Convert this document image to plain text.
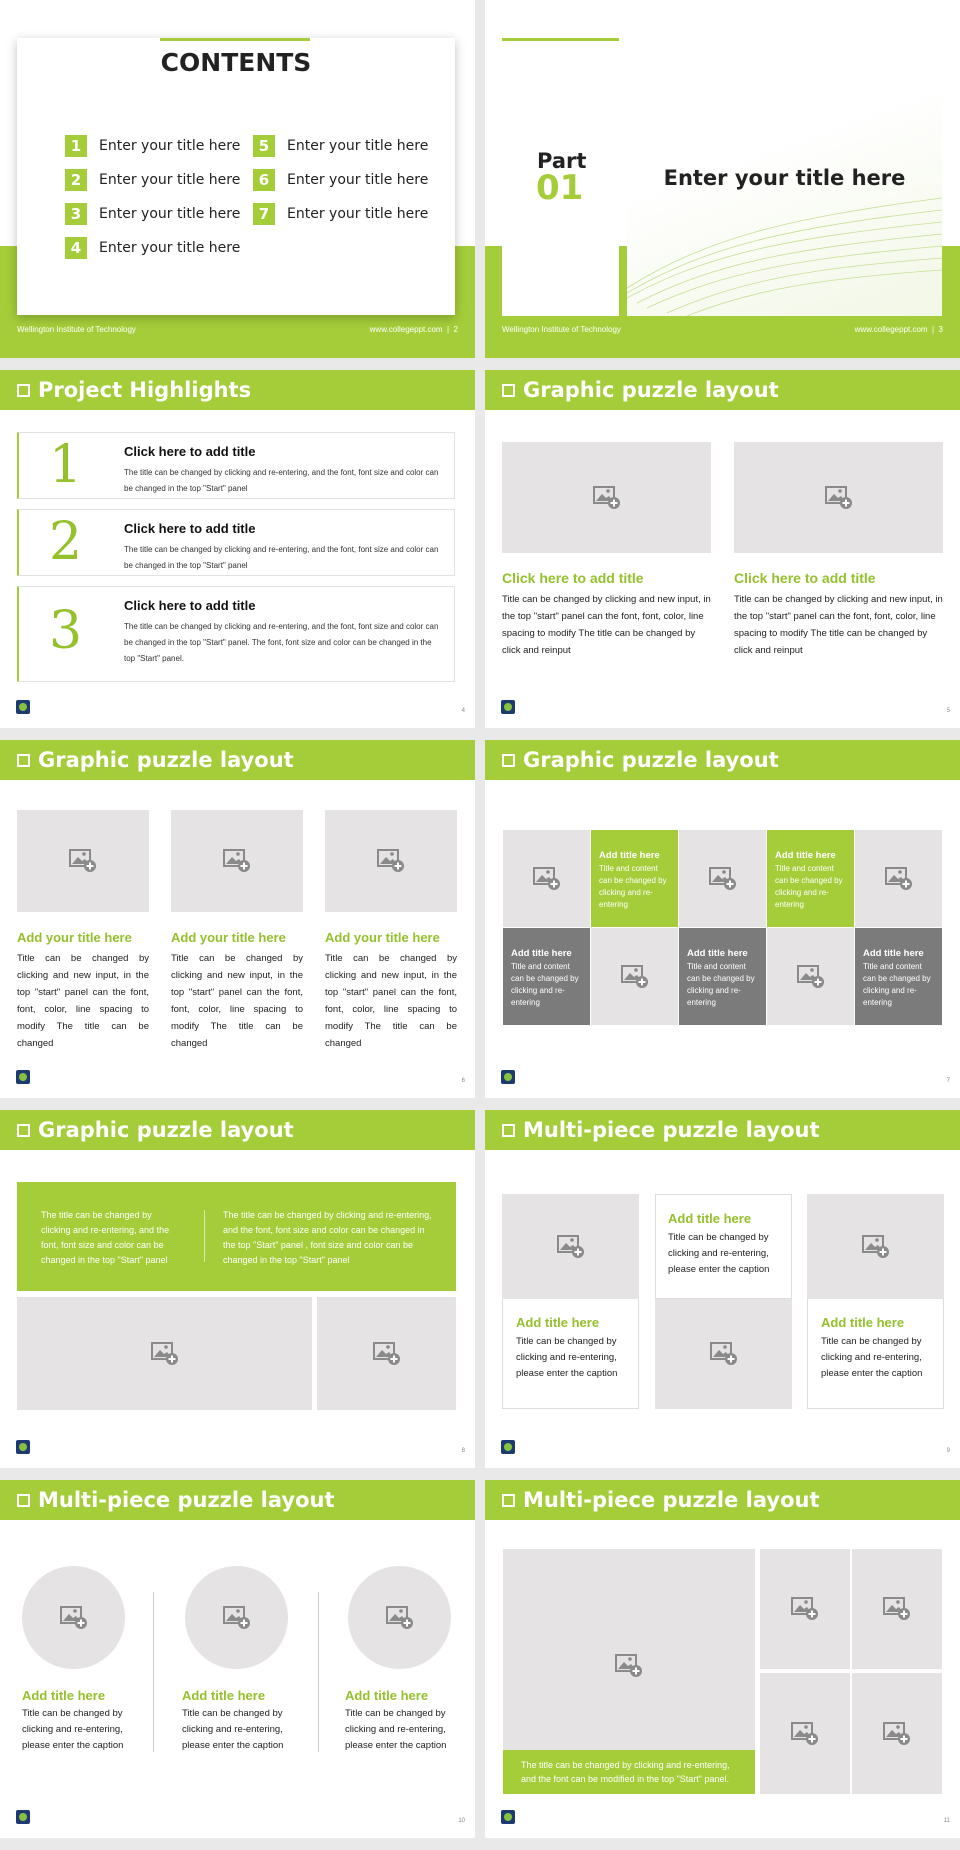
CONTENTS
1	Enter your title here
2	Enter your title here
3	Enter your title here
4	Enter your title here
5	Enter your title here
6	Enter your title here
7	Enter your title here
Wellington Institute of Technology	www.collegeppt.com  |  2
Part
01	Enter your title here
Wellington Institute of Technology	www.collegeppt.com  |  3
Project Highlights
1	Click here to add title
The title can be changed by clicking and re-entering, and the font, font size and color can be changed in the top "Start" panel
2	Click here to add title
The title can be changed by clicking and re-entering, and the font, font size and color can be changed in the top "Start" panel
3	Click here to add title
The title can be changed by clicking and re-entering, and the font, font size and color can be changed in the top "Start" panel. The font, font size and color can be changed in the top "Start" panel.
4
Graphic puzzle layout
Click here to add title
Title can be changed by clicking and new input, in the top "start" panel can the font, font, color, line spacing to modify The title can be changed by click and reinput
Click here to add title
Title can be changed by clicking and new input, in the top "start" panel can the font, font, color, line spacing to modify The title can be changed by click and reinput
5
Graphic puzzle layout
Add your title here
Title can be changed by clicking and new input, in the top "start" panel can the font, font, color, line spacing to modify The title can be changed
Add your title here
Title can be changed by clicking and new input, in the top "start" panel can the font, font, color, line spacing to modify The title can be changed
Add your title here
Title can be changed by clicking and new input, in the top "start" panel can the font, font, color, line spacing to modify The title can be changed
6
Graphic puzzle layout
Add title here
Title and content can be changed by clicking and re-entering
Add title here
Title and content can be changed by clicking and re-entering
Add title here
Title and content can be changed by clicking and re-entering
Add title here
Title and content can be changed by clicking and re-entering
Add title here
Title and content can be changed by clicking and re-entering
7
Graphic puzzle layout
The title can be changed by clicking and re-entering, and the font, font size and color can be changed in the top "Start" panel
The title can be changed by clicking and re-entering, and the font, font size and color can be changed in the top "Start" panel , font size and color can be changed in the top "Start" panel
8
Multi-piece puzzle layout
Add title here
Title can be changed by clicking and re-entering, please enter the caption
Add title here
Title can be changed by clicking and re-entering, please enter the caption
Add title here
Title can be changed by clicking and re-entering, please enter the caption
9
Multi-piece puzzle layout
Add title here
Title can be changed by clicking and re-entering, please enter the caption
Add title here
Title can be changed by clicking and re-entering, please enter the caption
Add title here
Title can be changed by clicking and re-entering, please enter the caption
10
Multi-piece puzzle layout
The title can be changed by clicking and re-entering, and the font can be modified in the top "Start" panel.
11
